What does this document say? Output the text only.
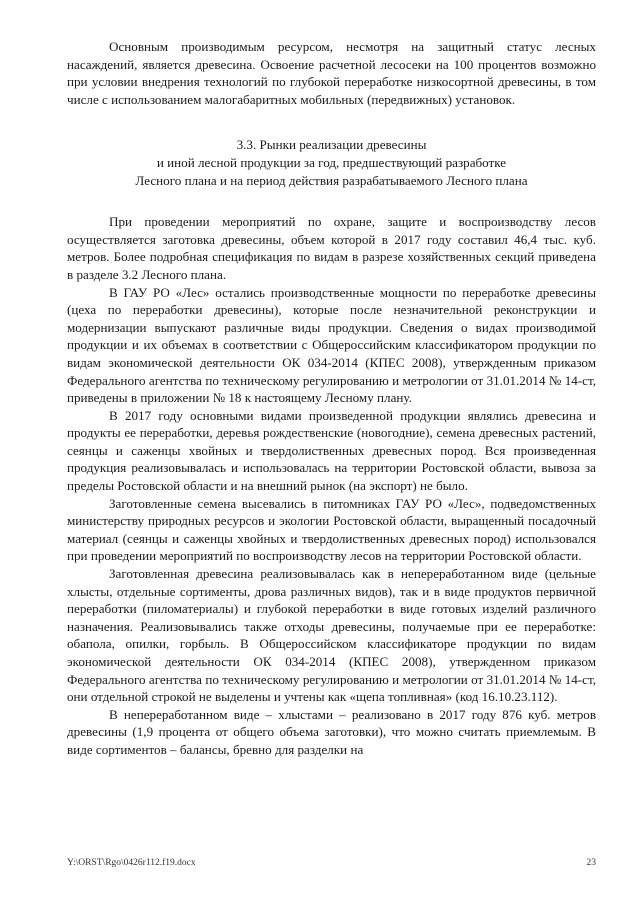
Основным производимым ресурсом, несмотря на защитный статус лесных насаждений, является древесина. Освоение расчетной лесосеки на 100 процентов возможно при условии внедрения технологий по глубокой переработке низкосортной древесины, в том числе с использованием малогабаритных мобильных (передвижных) установок.

3.3. Рынки реализации древесины
и иной лесной продукции за год, предшествующий разработке
Лесного плана и на период действия разрабатываемого Лесного плана

При проведении мероприятий по охране, защите и воспроизводству лесов осуществляется заготовка древесины, объем которой в 2017 году составил 46,4 тыс. куб. метров. Более подробная спецификация по видам в разрезе хозяйственных секций приведена в разделе 3.2 Лесного плана.

В ГАУ РО «Лес» остались производственные мощности по переработке древесины (цеха по переработки древесины), которые после незначительной реконструкции и модернизации выпускают различные виды продукции. Сведения о видах производимой продукции и их объемах в соответствии с Общероссийским классификатором продукции по видам экономической деятельности ОК 034-2014 (КПЕС 2008), утвержденным приказом Федерального агентства по техническому регулированию и метрологии от 31.01.2014 № 14-ст, приведены в приложении № 18 к настоящему Лесному плану.

В 2017 году основными видами произведенной продукции являлись древесина и продукты ее переработки, деревья рождественские (новогодние), семена древесных растений, сеянцы и саженцы хвойных и твердолиственных древесных пород. Вся произведенная продукция реализовывалась и использовалась на территории Ростовской области, вывоза за пределы Ростовской области и на внешний рынок (на экспорт) не было.

Заготовленные семена высевались в питомниках ГАУ РО «Лес», подведомственных министерству природных ресурсов и экологии Ростовской области, выращенный посадочный материал (сеянцы и саженцы хвойных и твердолиственных древесных пород) использовался при проведении мероприятий по воспроизводству лесов на территории Ростовской области.

Заготовленная древесина реализовывалась как в непереработанном виде (цельные хлысты, отдельные сортименты, дрова различных видов), так и в виде продуктов первичной переработки (пиломатериалы) и глубокой переработки в виде готовых изделий различного назначения. Реализовывались также отходы древесины, получаемые при ее переработке: обапола, опилки, горбыль. В Общероссийском классификаторе продукции по видам экономической деятельности ОК 034-2014 (КПЕС 2008), утвержденном приказом Федерального агентства по техническому регулированию и метрологии от 31.01.2014 № 14-ст, они отдельной строкой не выделены и учтены как «щепа топливная» (код 16.10.23.112).

В непереработанном виде – хлыстами – реализовано в 2017 году 876 куб. метров древесины (1,9 процента от общего объема заготовки), что можно считать приемлемым. В виде сортиментов – балансы, бревно для разделки на

Y:\ORST\Rgo\0426r112.f19.docx	23
